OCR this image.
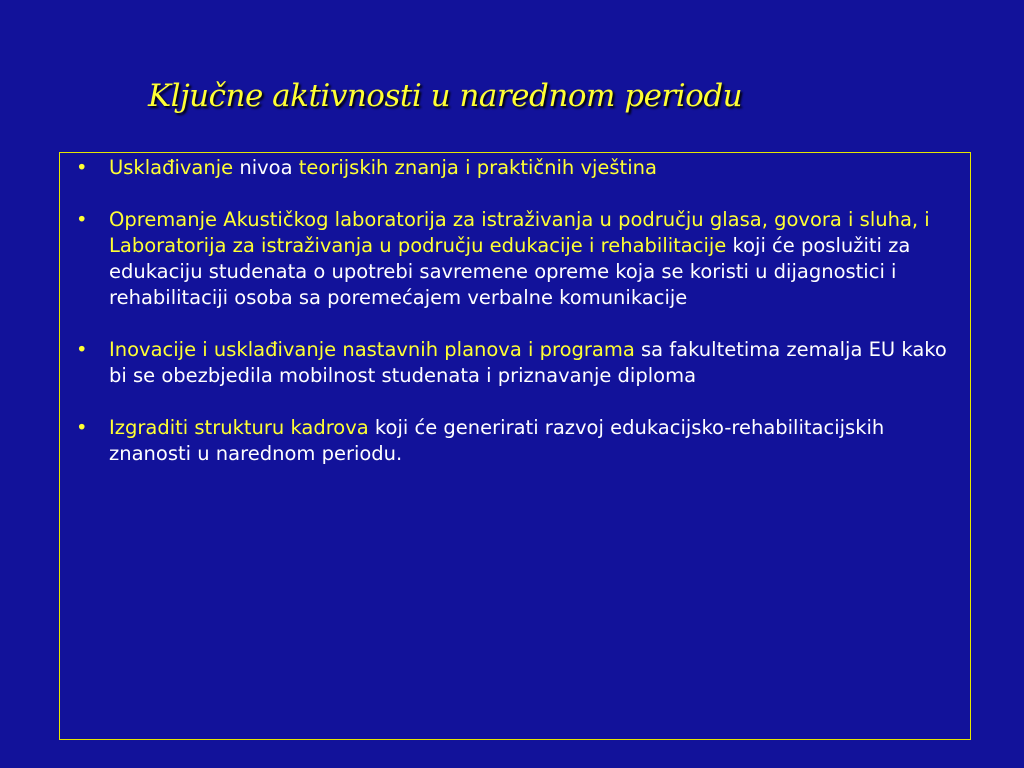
Ključne aktivnosti u narednom periodu
• Usklađivanje nivoa teorijskih znanja i praktičnih vještina
• Opremanje Akustičkog laboratorija za istraživanja u području glasa, govora i sluha, i Laboratorija za istraživanja u području edukacije i rehabilitacije koji će poslužiti za edukaciju studenata o upotrebi savremene opreme koja se koristi u dijagnostici i rehabilitaciji osoba sa poremećajem verbalne komunikacije
• Inovacije i usklađivanje nastavnih planova i programa sa fakultetima zemalja EU kako bi se obezbjedila mobilnost studenata i priznavanje diploma
• Izgraditi strukturu kadrova koji će generirati razvoj edukacijsko-rehabilitacijskih znanosti u narednom periodu.
